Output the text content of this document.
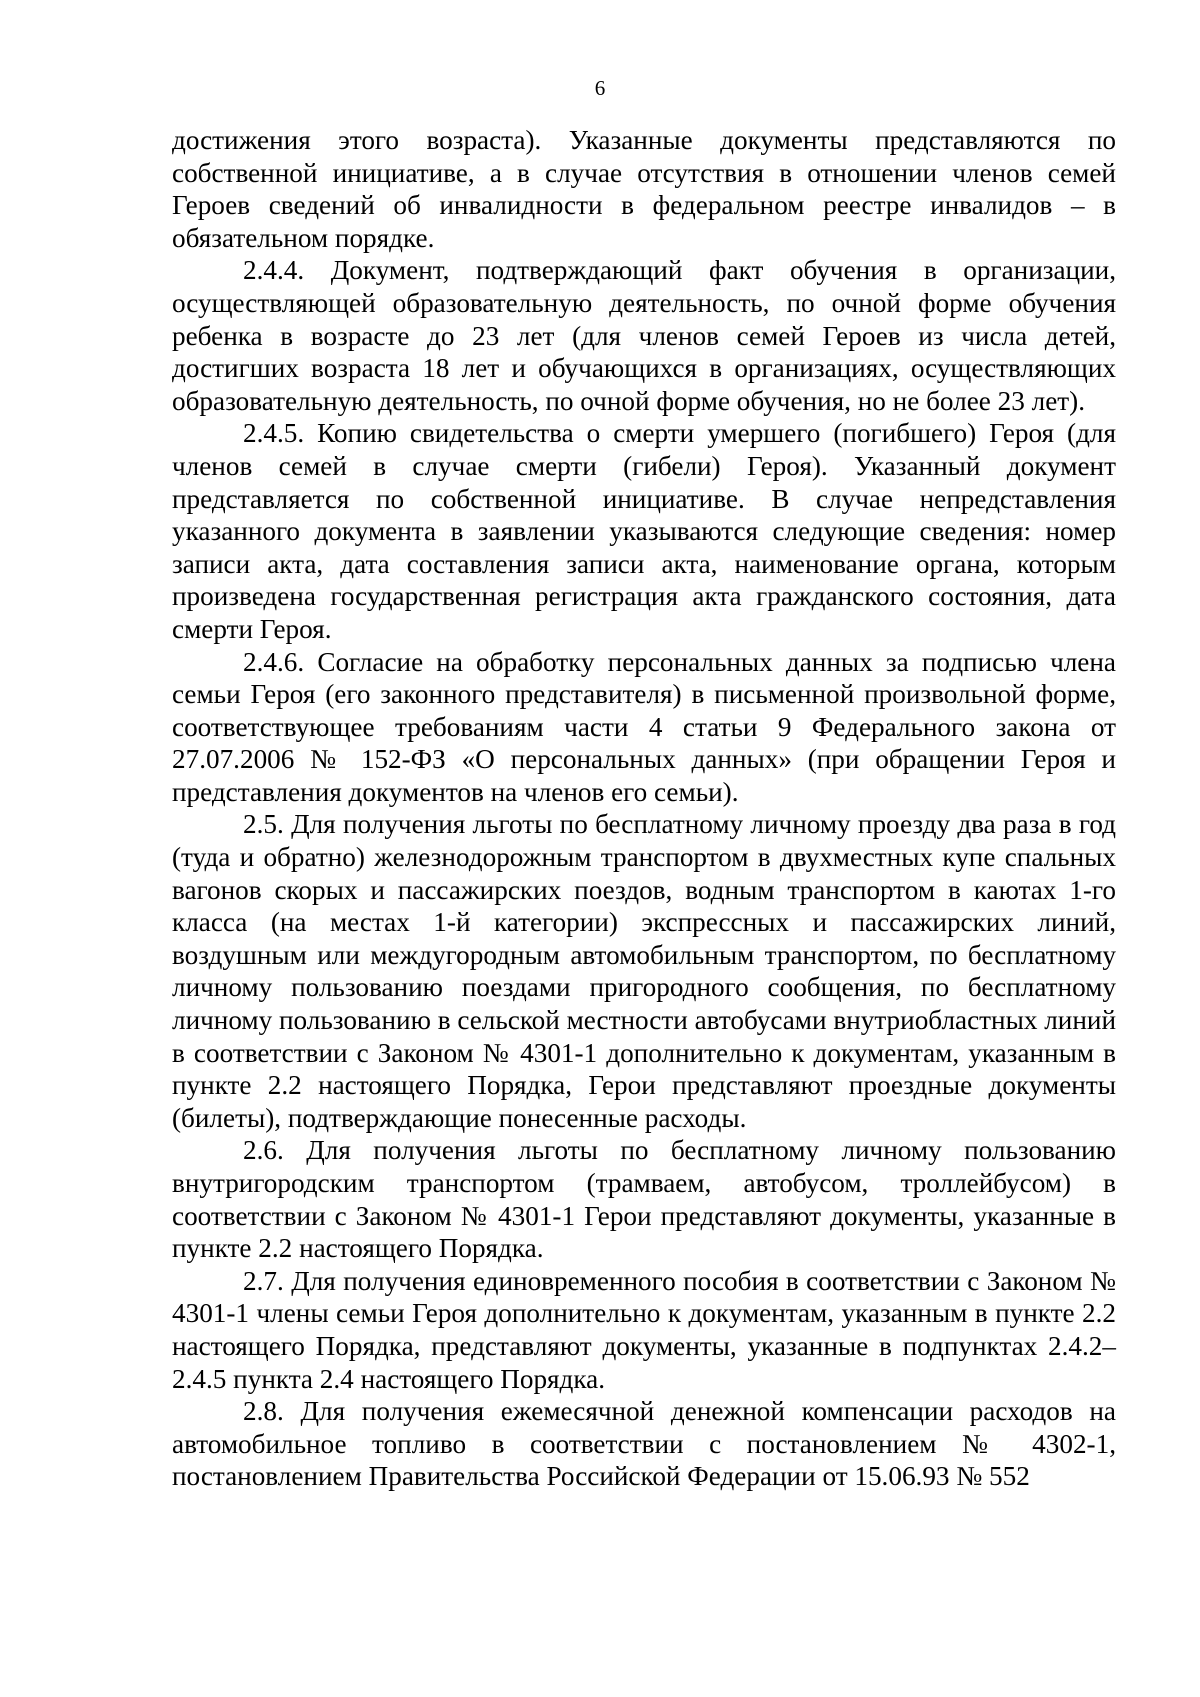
6

достижения этого возраста). Указанные документы представляются по собственной инициативе, а в случае отсутствия в отношении членов семей Героев сведений об инвалидности в федеральном реестре инвалидов – в обязательном порядке.

2.4.4. Документ, подтверждающий факт обучения в организации, осуществляющей образовательную деятельность, по очной форме обучения ребенка в возрасте до 23 лет (для членов семей Героев из числа детей, достигших возраста 18 лет и обучающихся в организациях, осуществляющих образовательную деятельность, по очной форме обучения, но не более 23 лет).

2.4.5. Копию свидетельства о смерти умершего (погибшего) Героя (для членов семей в случае смерти (гибели) Героя). Указанный документ представляется по собственной инициативе. В случае непредставления указанного документа в заявлении указываются следующие сведения: номер записи акта, дата составления записи акта, наименование органа, которым произведена государственная регистрация акта гражданского состояния, дата смерти Героя.

2.4.6. Согласие на обработку персональных данных за подписью члена семьи Героя (его законного представителя) в письменной произвольной форме, соответствующее требованиям части 4 статьи 9 Федерального закона от 27.07.2006 № 152-ФЗ «О персональных данных» (при обращении Героя и представления документов на членов его семьи).

2.5. Для получения льготы по бесплатному личному проезду два раза в год (туда и обратно) железнодорожным транспортом в двухместных купе спальных вагонов скорых и пассажирских поездов, водным транспортом в каютах 1-го класса (на местах 1-й категории) экспрессных и пассажирских линий, воздушным или междугородным автомобильным транспортом, по бесплатному личному пользованию поездами пригородного сообщения, по бесплатному личному пользованию в сельской местности автобусами внутриобластных линий в соответствии с Законом № 4301-1 дополнительно к документам, указанным в пункте 2.2 настоящего Порядка, Герои представляют проездные документы (билеты), подтверждающие понесенные расходы.

2.6. Для получения льготы по бесплатному личному пользованию внутригородским транспортом (трамваем, автобусом, троллейбусом) в соответствии с Законом № 4301-1 Герои представляют документы, указанные в пункте 2.2 настоящего Порядка.

2.7. Для получения единовременного пособия в соответствии с Законом № 4301-1 члены семьи Героя дополнительно к документам, указанным в пункте 2.2 настоящего Порядка, представляют документы, указанные в подпунктах 2.4.2–2.4.5 пункта 2.4 настоящего Порядка.

2.8. Для получения ежемесячной денежной компенсации расходов на автомобильное топливо в соответствии с постановлением № 4302-1, постановлением Правительства Российской Федерации от 15.06.93 № 552
